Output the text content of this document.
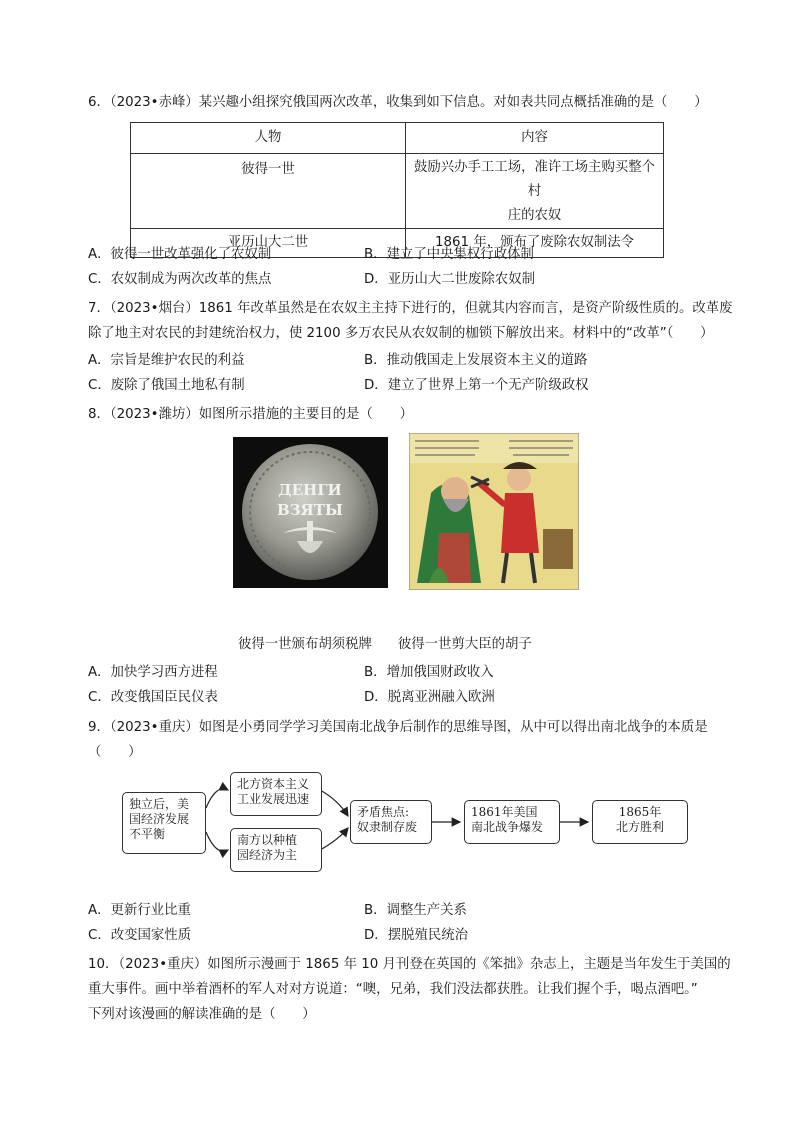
6．（2023•赤峰）某兴趣小组探究俄国两次改革，收集到如下信息。对如表共同点概括准确的是（　　）
人物	内容
彼得一世	鼓励兴办手工工场，准许工场主购买整个村
庄的农奴

亚历山大二世	1861 年，颁布了废除农奴制法令
A．彼得一世改革强化了农奴制	B．建立了中央集权行政体制
C．农奴制成为两次改革的焦点	D．亚历山大二世废除农奴制
7．（2023•烟台）1861 年改革虽然是在农奴主主持下进行的，但就其内容而言，是资产阶级性质的。改革废
除了地主对农民的封建统治权力，使 2100 多万农民从农奴制的枷锁下解放出来。材料中的“改革”（　　）
A．宗旨是维护农民的利益	B．推动俄国走上发展资本主义的道路
C．废除了俄国土地私有制	D．建立了世界上第一个无产阶级政权
8．（2023•潍坊）如图所示措施的主要目的是（　　）
ДЕНГИ
ВЗЯТЫ
彼得一世颁布胡须税牌 彼得一世剪大臣的胡子
A．加快学习西方进程	B．增加俄国财政收入
C．改变俄国臣民仪表	D．脱离亚洲融入欧洲
9．（2023•重庆）如图是小勇同学学习美国南北战争后制作的思维导图，从中可以得出南北战争的本质是
（　　）
独立后，美
国经济发展
不平衡
北方资本主义
工业发展迅速
南方以种植
园经济为主
矛盾焦点:
奴隶制存废
1861年美国
南北战争爆发
1865年
北方胜利
A．更新行业比重	B．调整生产关系
C．改变国家性质	D．摆脱殖民统治
10．（2023•重庆）如图所示漫画于 1865 年 10 月刊登在英国的《笨拙》杂志上，主题是当年发生于美国的
重大事件。画中举着酒杯的军人对对方说道：“噢，兄弟，我们没法都获胜。让我们握个手，喝点酒吧。”
下列对该漫画的解读准确的是（　　）
